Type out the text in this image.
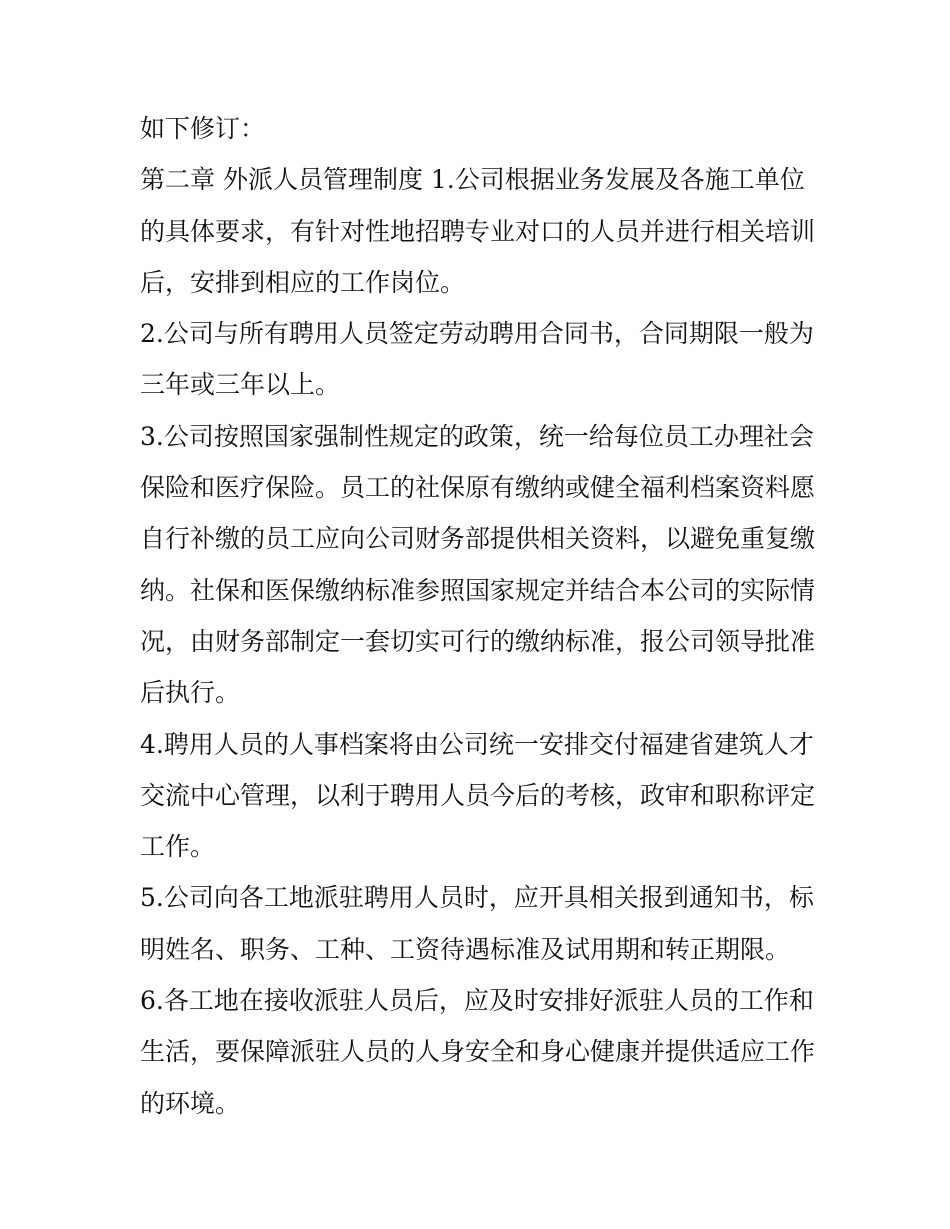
如下修订：

第二章 外派人员管理制度 1.公司根据业务发展及各施工单位的具体要求，有针对性地招聘专业对口的人员并进行相关培训后，安排到相应的工作岗位。

2.公司与所有聘用人员签定劳动聘用合同书，合同期限一般为三年或三年以上。

3.公司按照国家强制性规定的政策，统一给每位员工办理社会保险和医疗保险。员工的社保原有缴纳或健全福利档案资料愿自行补缴的员工应向公司财务部提供相关资料，以避免重复缴纳。社保和医保缴纳标准参照国家规定并结合本公司的实际情况，由财务部制定一套切实可行的缴纳标准，报公司领导批准后执行。

4.聘用人员的人事档案将由公司统一安排交付福建省建筑人才交流中心管理，以利于聘用人员今后的考核，政审和职称评定工作。

5.公司向各工地派驻聘用人员时，应开具相关报到通知书，标明姓名、职务、工种、工资待遇标准及试用期和转正期限。

6.各工地在接收派驻人员后，应及时安排好派驻人员的工作和生活，要保障派驻人员的人身安全和身心健康并提供适应工作的环境。
